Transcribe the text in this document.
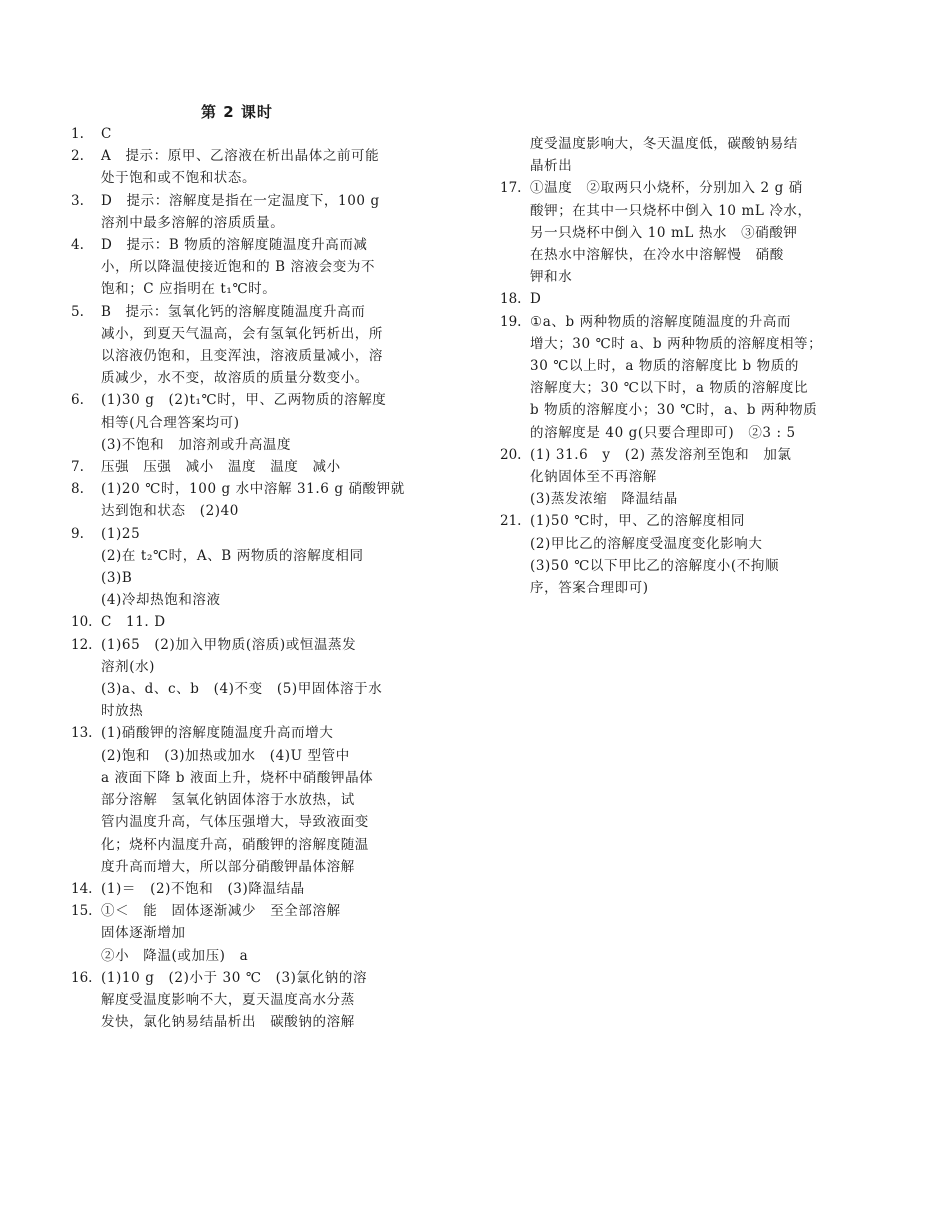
第 2 课时
1.	C
2.	A　提示：原甲、乙溶液在析出晶体之前可能
处于饱和或不饱和状态。
3.	D　提示：溶解度是指在一定温度下，100 g
溶剂中最多溶解的溶质质量。
4.	D　提示：B 物质的溶解度随温度升高而减
小，所以降温使接近饱和的 B 溶液会变为不
饱和；C 应指明在 t₁℃时。
5.	B　提示：氢氧化钙的溶解度随温度升高而
减小，到夏天气温高，会有氢氧化钙析出，所
以溶液仍饱和，且变浑浊，溶液质量减小，溶
质减少，水不变，故溶质的质量分数变小。
6.	(1)30 g　(2)t₁℃时，甲、乙两物质的溶解度
相等(凡合理答案均可)
(3)不饱和　加溶剂或升高温度
7.	压强　压强　减小　温度　温度　减小
8.	(1)20 ℃时，100 g 水中溶解 31.6 g 硝酸钾就
达到饱和状态　(2)40
9.	(1)25
(2)在 t₂℃时，A、B 两物质的溶解度相同
(3)B
(4)冷却热饱和溶液
10. C　11. D
12. (1)65　(2)加入甲物质(溶质)或恒温蒸发
溶剂(水)
(3)a、d、c、b　(4)不变　(5)甲固体溶于水
时放热
13. (1)硝酸钾的溶解度随温度升高而增大
(2)饱和　(3)加热或加水　(4)U 型管中
a 液面下降 b 液面上升，烧杯中硝酸钾晶体
部分溶解　氢氧化钠固体溶于水放热，试
管内温度升高，气体压强增大，导致液面变
化；烧杯内温度升高，硝酸钾的溶解度随温
度升高而增大，所以部分硝酸钾晶体溶解
14. (1)＝　(2)不饱和　(3)降温结晶
15. ①＜　能　固体逐渐减少　至全部溶解
固体逐渐增加
②小　降温(或加压)　a
16. (1)10 g　(2)小于 30 ℃　(3)氯化钠的溶
解度受温度影响不大，夏天温度高水分蒸
发快，氯化钠易结晶析出　碳酸钠的溶解
度受温度影响大，冬天温度低，碳酸钠易结
晶析出
17. ①温度　②取两只小烧杯，分别加入 2 g 硝
酸钾；在其中一只烧杯中倒入 10 mL 冷水，
另一只烧杯中倒入 10 mL 热水　③硝酸钾
在热水中溶解快，在冷水中溶解慢　硝酸
钾和水
18. D
19. ①a、b 两种物质的溶解度随温度的升高而
增大；30 ℃时 a、b 两种物质的溶解度相等；
30 ℃以上时，a 物质的溶解度比 b 物质的
溶解度大；30 ℃以下时，a 物质的溶解度比
b 物质的溶解度小；30 ℃时，a、b 两种物质
的溶解度是 40 g(只要合理即可)　②3 : 5
20. (1) 31.6　y　(2) 蒸发溶剂至饱和　加氯
化钠固体至不再溶解
(3)蒸发浓缩　降温结晶
21. (1)50 ℃时，甲、乙的溶解度相同
(2)甲比乙的溶解度受温度变化影响大
(3)50 ℃以下甲比乙的溶解度小(不拘顺
序，答案合理即可)
